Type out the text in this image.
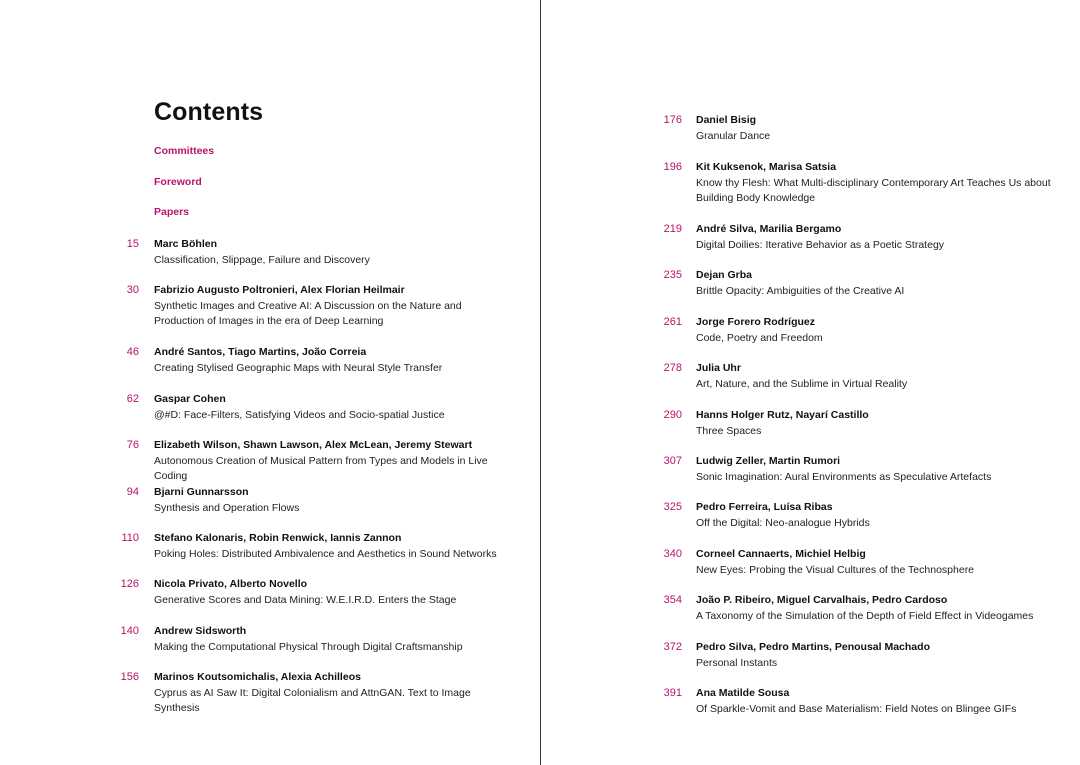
Contents
Committees
Foreword
Papers
15 Marc Böhlen
Classification, Slippage, Failure and Discovery
30 Fabrizio Augusto Poltronieri, Alex Florian Heilmair
Synthetic Images and Creative AI: A Discussion on the Nature and Production of Images in the era of Deep Learning
46 André Santos, Tiago Martins, João Correia
Creating Stylised Geographic Maps with Neural Style Transfer
62 Gaspar Cohen
@#D: Face-Filters, Satisfying Videos and Socio-spatial Justice
76 Elizabeth Wilson, Shawn Lawson, Alex McLean, Jeremy Stewart
Autonomous Creation of Musical Pattern from Types and Models in Live Coding
94 Bjarni Gunnarsson
Synthesis and Operation Flows
110 Stefano Kalonaris, Robin Renwick, Iannis Zannon
Poking Holes: Distributed Ambivalence and Aesthetics in Sound Networks
126 Nicola Privato, Alberto Novello
Generative Scores and Data Mining: W.E.I.R.D. Enters the Stage
140 Andrew Sidsworth
Making the Computational Physical Through Digital Craftsmanship
156 Marinos Koutsomichalis, Alexia Achilleos
Cyprus as AI Saw It: Digital Colonialism and AttnGAN. Text to Image Synthesis
176 Daniel Bisig
Granular Dance
196 Kit Kuksenok, Marisa Satsia
Know thy Flesh: What Multi-disciplinary Contemporary Art Teaches Us about Building Body Knowledge
219 André Silva, Marilia Bergamo
Digital Doilies: Iterative Behavior as a Poetic Strategy
235 Dejan Grba
Brittle Opacity: Ambiguities of the Creative AI
261 Jorge Forero Rodríguez
Code, Poetry and Freedom
278 Julia Uhr
Art, Nature, and the Sublime in Virtual Reality
290 Hanns Holger Rutz, Nayarí Castillo
Three Spaces
307 Ludwig Zeller, Martin Rumori
Sonic Imagination: Aural Environments as Speculative Artefacts
325 Pedro Ferreira, Luísa Ribas
Off the Digital: Neo-analogue Hybrids
340 Corneel Cannaerts, Michiel Helbig
New Eyes: Probing the Visual Cultures of the Technosphere
354 João P. Ribeiro, Miguel Carvalhais, Pedro Cardoso
A Taxonomy of the Simulation of the Depth of Field Effect in Videogames
372 Pedro Silva, Pedro Martins, Penousal Machado
Personal Instants
391 Ana Matilde Sousa
Of Sparkle-Vomit and Base Materialism: Field Notes on Blingee GIFs
